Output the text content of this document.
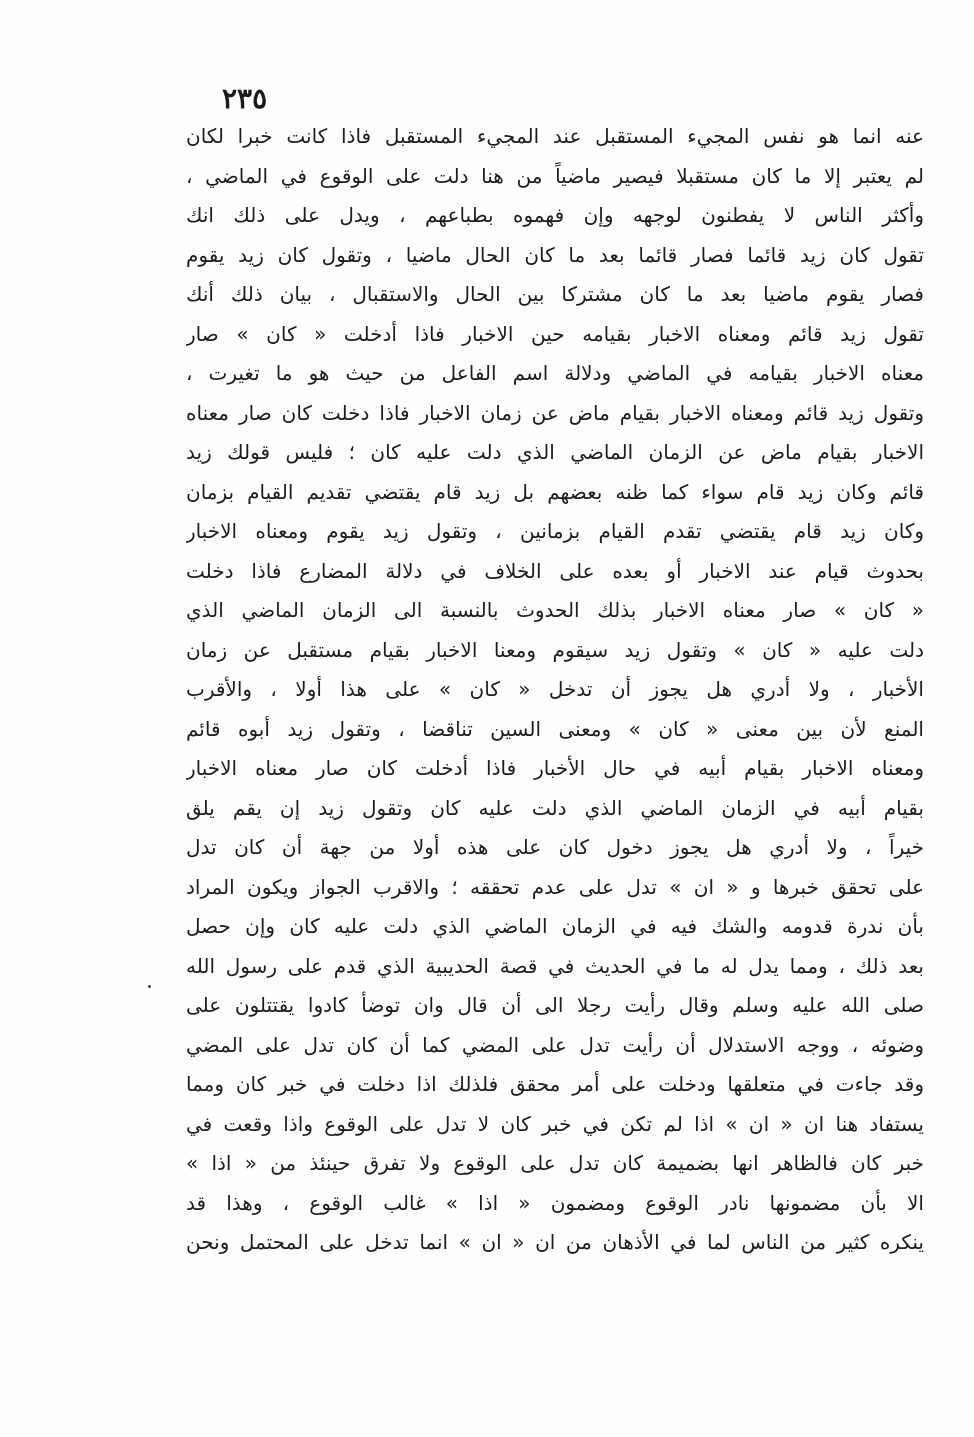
٢٣٥
عنه انما هو نفس المجيء المستقبل عند المجيء المستقبل فاذا كانت خبرا لكان
لم يعتبر إلا ما كان مستقبلا فيصير ماضياً من هنا دلت على الوقوع في الماضي ،
وأكثر الناس لا يفطنون لوجهه وإن فهموه بطباعهم ، ويدل على ذلك انك
تقول كان زيد قائما فصار قائما بعد ما كان الحال ماضيا ، وتقول كان زيد يقوم
فصار يقوم ماضيا بعد ما كان مشتركا بين الحال والاستقبال ، بيان ذلك أنك
تقول زيد قائم ومعناه الاخبار بقيامه حين الاخبار فاذا أدخلت « كان » صار
معناه الاخبار بقيامه في الماضي ودلالة اسم الفاعل من حيث هو ما تغيرت ،
وتقول زيد قائم ومعناه الاخبار بقيام ماض عن زمان الاخبار فاذا دخلت كان صار معناه
الاخبار بقيام ماض عن الزمان الماضي الذي دلت عليه كان ؛ فليس قولك زيد
قائم وكان زيد قام سواء كما ظنه بعضهم بل زيد قام يقتضي تقديم القيام بزمان
وكان زيد قام يقتضي تقدم القيام بزمانين ، وتقول زيد يقوم ومعناه الاخبار
بحدوث قيام عند الاخبار أو بعده على الخلاف في دلالة المضارع فاذا دخلت
« كان » صار معناه الاخبار بذلك الحدوث بالنسبة الى الزمان الماضي الذي
دلت عليه « كان » وتقول زيد سيقوم ومعنا الاخبار بقيام مستقبل عن زمان
الأخبار ، ولا أدري هل يجوز أن تدخل « كان » على هذا أولا ، والأقرب
المنع لأن بين معنى « كان » ومعنى السين تناقضا ، وتقول زيد أبوه قائم
ومعناه الاخبار بقيام أبيه في حال الأخبار فاذا أدخلت كان صار معناه الاخبار
بقيام أبيه في الزمان الماضي الذي دلت عليه كان وتقول زيد إن يقم يلق
خيراً ، ولا أدري هل يجوز دخول كان على هذه أولا من جهة أن كان تدل
على تحقق خبرها و « ان » تدل على عدم تحققه ؛ والاقرب الجواز ويكون المراد
بأن ندرة قدومه والشك فيه في الزمان الماضي الذي دلت عليه كان وإن حصل
بعد ذلك ، ومما يدل له ما في الحديث في قصة الحديبية الذي قدم على رسول الله
صلى الله عليه وسلم وقال رأيت رجلا الى أن قال وان توضأ كادوا يقتتلون على
وضوئه ، ووجه الاستدلال أن رأيت تدل على المضي كما أن كان تدل على المضي
وقد جاءت في متعلقها ودخلت على أمر محقق فلذلك اذا دخلت في خبر كان ومما
يستفاد هنا ان « ان » اذا لم تكن في خبر كان لا تدل على الوقوع واذا وقعت في
خبر كان فالظاهر انها بضميمة كان تدل على الوقوع ولا تفرق حينئذ من « اذا »
الا بأن مضمونها نادر الوقوع ومضمون « اذا » غالب الوقوع ، وهذا قد
ينكره كثير من الناس لما في الأذهان من ان « ان » انما تدخل على المحتمل ونحن
